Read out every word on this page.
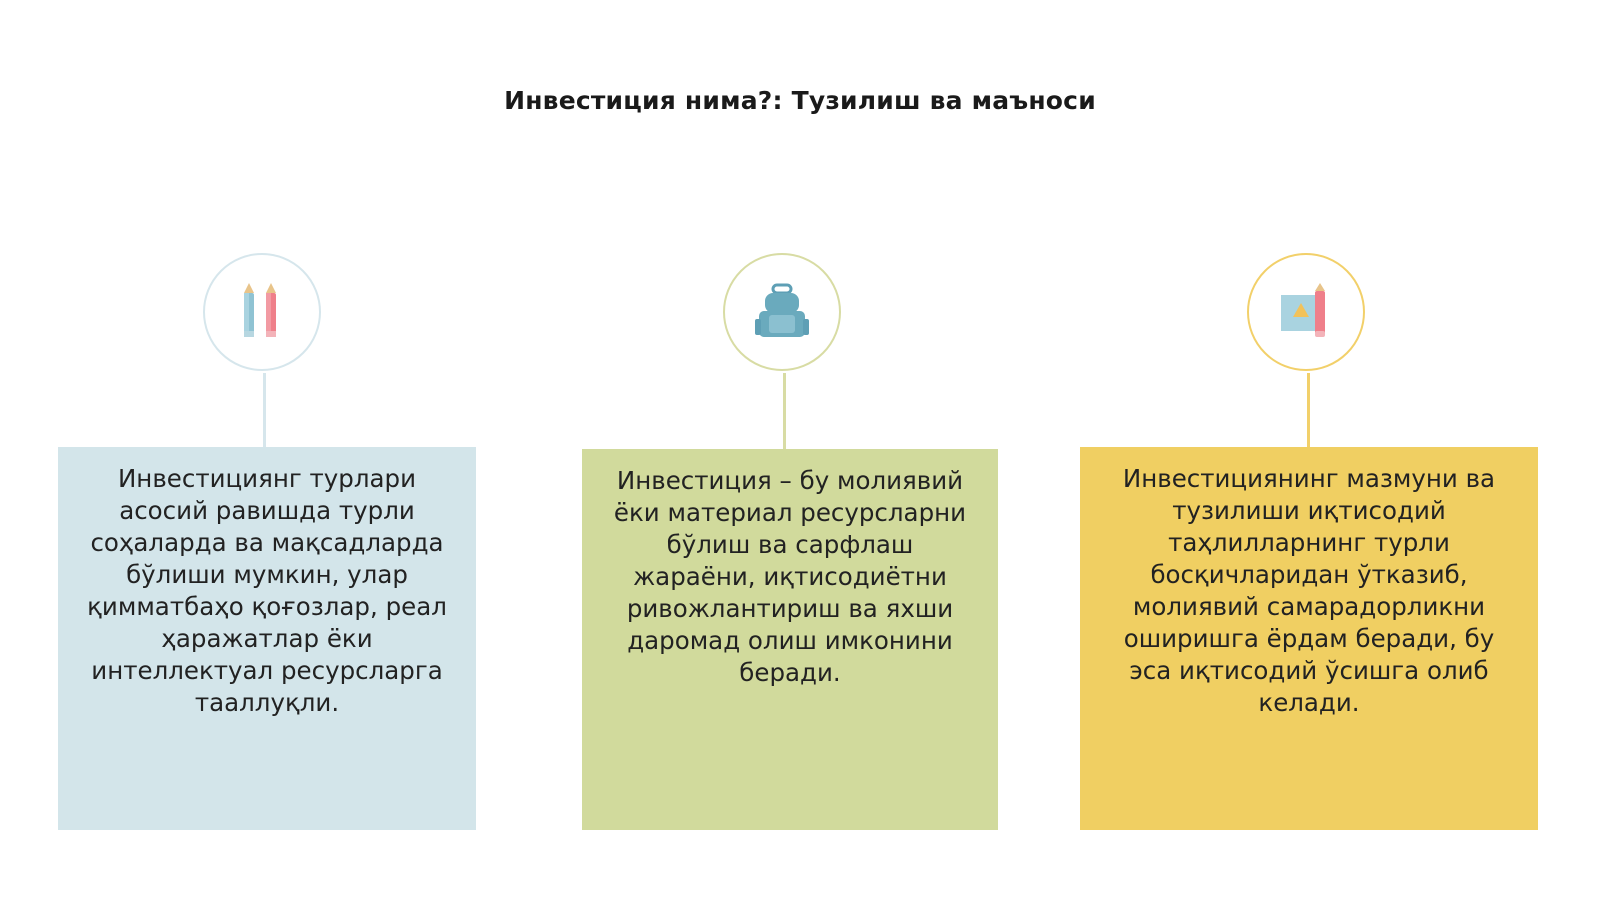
Инвестиция нима?: Тузилиш ва маъноси
Инвестициянг турлари асосий равишда турли соҳаларда ва мақсадларда бўлиши мумкин, улар қимматбаҳо қоғозлар, реал ҳаражатлар ёки интеллектуал ресурсларга тааллуқли.
Инвестиция – бу молиявий ёки материал ресурсларни бўлиш ва сарфлаш жараёни, иқтисодиётни ривожлантириш ва яхши даромад олиш имконини беради.
Инвестициянинг мазмуни ва тузилиши иқтисодий таҳлилларнинг турли босқичларидан ўтказиб, молиявий самарадорликни оширишга ёрдам беради, бу эса иқтисодий ўсишга олиб келади.
